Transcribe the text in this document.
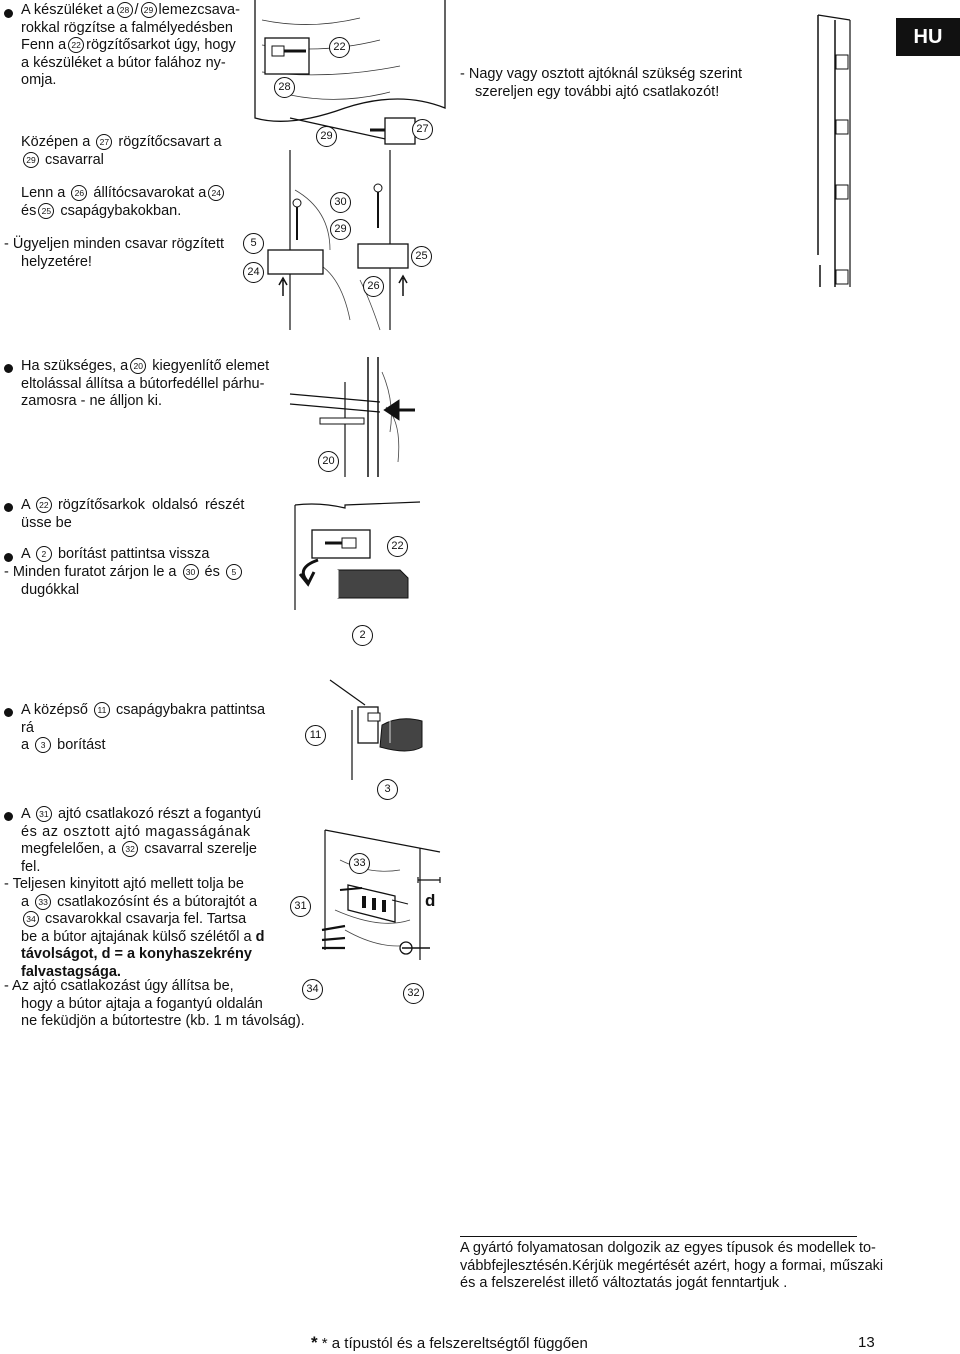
HU
A készüléket a 28 / 29 lemezcsava-
rokkal rögzítse a falmélyedésben
Fenn a 22 rögzítősarkot úgy, hogy
a készüléket a bútor falához ny-
omja.
Középen a 27 rögzítőcsavart a
29 csavarral
Lenn a 26 állítócsavarokat a 24
és 25 csapágybakokban.
- Ügyeljen minden csavar rögzített
helyzetére!
- Nagy vagy osztott ajtóknál szükség szerint
szereljen egy további ajtó csatlakozót!
28
22
29
27
30
29
5
24
26
25
Ha szükséges, a 20 kiegyenlítő elemet
eltolással állítsa a bútorfedéllel párhu-
zamosra - ne álljon ki.
20
A 22 rögzítősarkok oldalsó részét
üsse be
A 2 borítást pattintsa vissza
- Minden furatot zárjon le a 30 és 5
dugókkal
22
2
A középső 11 csapágybakra pattintsa rá
a 3 borítást
11
3
A 31 ajtó csatlakozó részt a fogantyú
és az osztott ajtó magasságának
megfelelően, a 32 csavarral szerelje
fel.
- Teljesen kinyitott ajtó mellett tolja be
a 33 csatlakozósínt és a bútorajtót a
34 csavarokkal csavarja fel. Tartsa
be a bútor ajtajának külső szélétől a d
távolságot, d = a konyhaszekrény
falvastagsága.
- Az ajtó csatlakozást úgy állítsa be,
hogy a bútor ajtaja a fogantyú oldalán
ne feküdjön a bútortestre (kb. 1 m távolság).
33
31
34	32
d
A gyártó folyamatosan dolgozik az egyes típusok és modellek to-
vábbfejlesztésén.Kérjük megértését azért, hogy a formai, műszaki
és a felszerelést illető változtatás jogát fenntartjuk .
* * a típustól és a felszereltségtől függően	13
